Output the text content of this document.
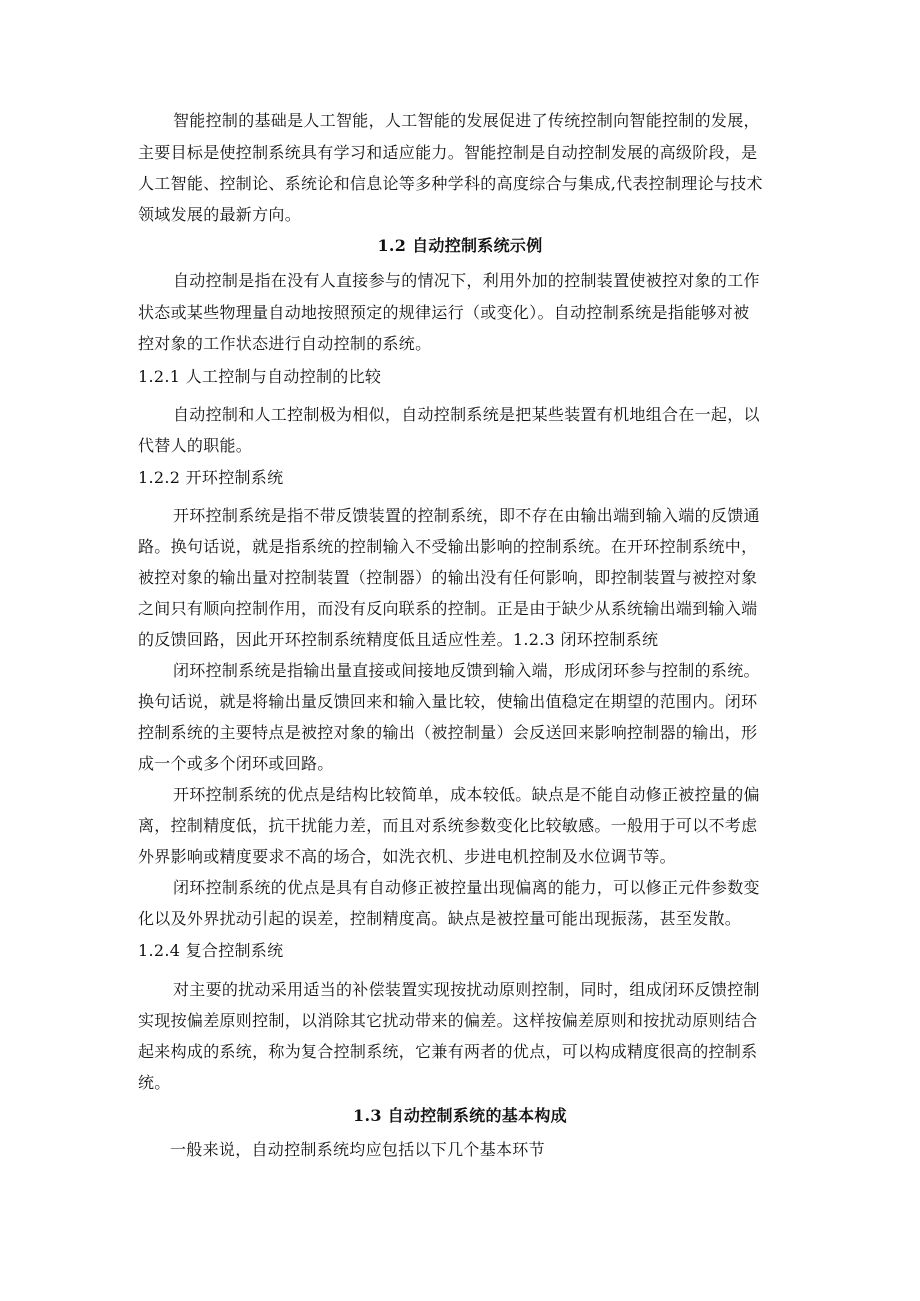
智能控制的基础是人工智能，人工智能的发展促进了传统控制向智能控制的发展，
主要目标是使控制系统具有学习和适应能力。智能控制是自动控制发展的高级阶段，是
人工智能、控制论、系统论和信息论等多种学科的高度综合与集成,代表控制理论与技术
领域发展的最新方向。
1.2 自动控制系统示例
自动控制是指在没有人直接参与的情况下，利用外加的控制装置使被控对象的工作
状态或某些物理量自动地按照预定的规律运行（或变化）。自动控制系统是指能够对被
控对象的工作状态进行自动控制的系统。
1.2.1 人工控制与自动控制的比较
自动控制和人工控制极为相似，自动控制系统是把某些装置有机地组合在一起，以
代替人的职能。
1.2.2 开环控制系统
开环控制系统是指不带反馈装置的控制系统，即不存在由输出端到输入端的反馈通
路。换句话说，就是指系统的控制输入不受输出影响的控制系统。在开环控制系统中，
被控对象的输出量对控制装置（控制器）的输出没有任何影响，即控制装置与被控对象
之间只有顺向控制作用，而没有反向联系的控制。正是由于缺少从系统输出端到输入端
的反馈回路，因此开环控制系统精度低且适应性差。1.2.3 闭环控制系统
闭环控制系统是指输出量直接或间接地反馈到输入端，形成闭环参与控制的系统。
换句话说，就是将输出量反馈回来和输入量比较，使输出值稳定在期望的范围内。闭环
控制系统的主要特点是被控对象的输出（被控制量）会反送回来影响控制器的输出，形
成一个或多个闭环或回路。
开环控制系统的优点是结构比较简单，成本较低。缺点是不能自动修正被控量的偏
离，控制精度低，抗干扰能力差，而且对系统参数变化比较敏感。一般用于可以不考虑
外界影响或精度要求不高的场合，如洗衣机、步进电机控制及水位调节等。
闭环控制系统的优点是具有自动修正被控量出现偏离的能力，可以修正元件参数变
化以及外界扰动引起的误差，控制精度高。缺点是被控量可能出现振荡，甚至发散。
1.2.4 复合控制系统
对主要的扰动采用适当的补偿装置实现按扰动原则控制，同时，组成闭环反馈控制
实现按偏差原则控制，以消除其它扰动带来的偏差。这样按偏差原则和按扰动原则结合
起来构成的系统，称为复合控制系统，它兼有两者的优点，可以构成精度很高的控制系
统。
1.3 自动控制系统的基本构成
一般来说，自动控制系统均应包括以下几个基本环节
